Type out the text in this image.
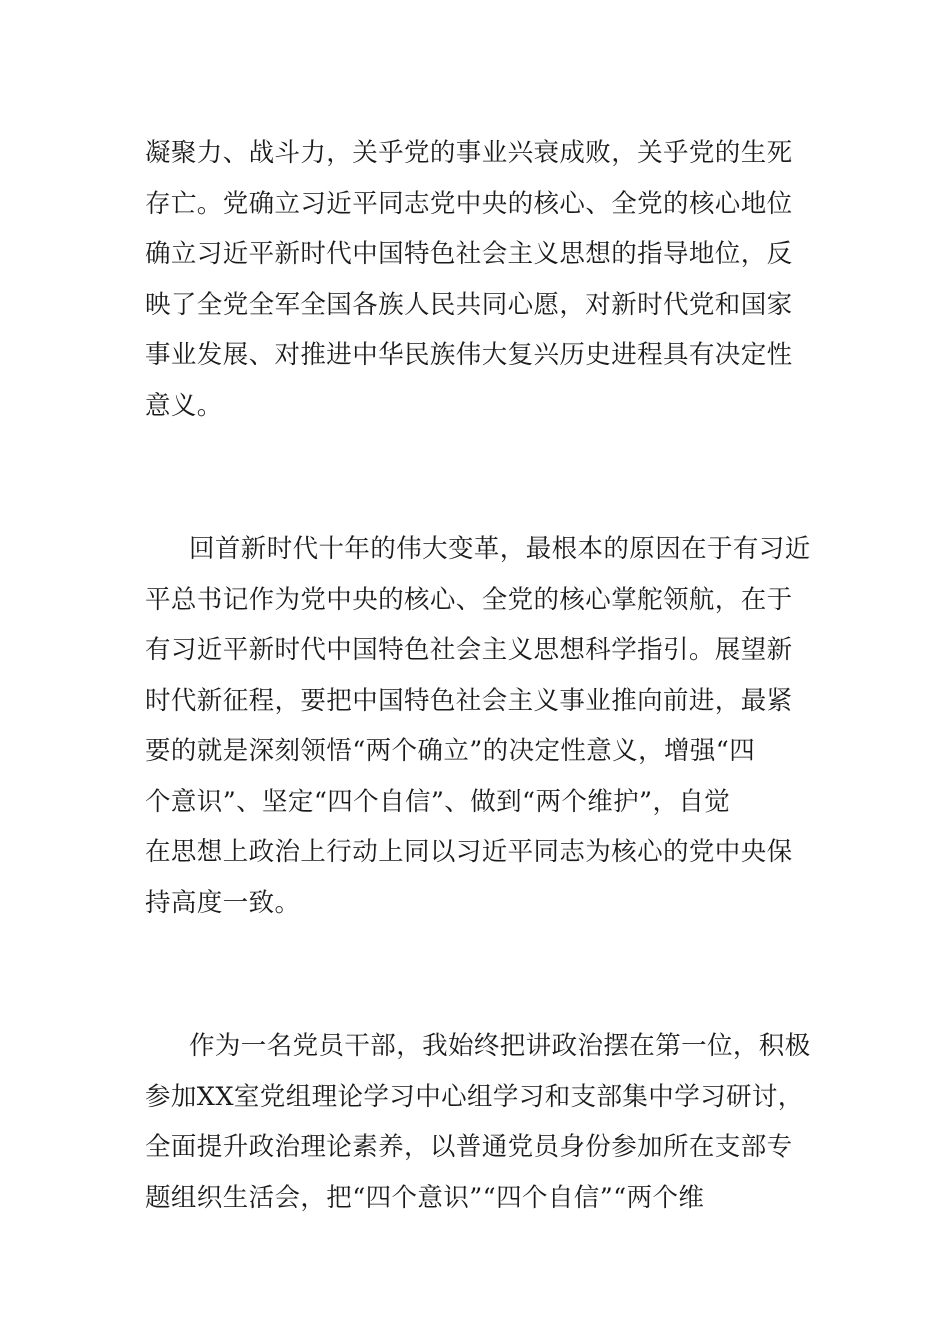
凝聚力、战斗力，关乎党的事业兴衰成败，关乎党的生死
存亡。党确立习近平同志党中央的核心、全党的核心地位
确立习近平新时代中国特色社会主义思想的指导地位，反
映了全党全军全国各族人民共同心愿，对新时代党和国家
事业发展、对推进中华民族伟大复兴历史进程具有决定性
意义。
回首新时代十年的伟大变革，最根本的原因在于有习近
平总书记作为党中央的核心、全党的核心掌舵领航，在于
有习近平新时代中国特色社会主义思想科学指引。展望新
时代新征程，要把中国特色社会主义事业推向前进，最紧
要的就是深刻领悟“两个确立”的决定性意义，增强“四
个意识”、坚定“四个自信”、做到“两个维护”，自觉
在思想上政治上行动上同以习近平同志为核心的党中央保
持高度一致。
作为一名党员干部，我始终把讲政治摆在第一位，积极
参加XX室党组理论学习中心组学习和支部集中学习研讨，
全面提升政治理论素养，以普通党员身份参加所在支部专
题组织生活会，把“四个意识”“四个自信”“两个维
